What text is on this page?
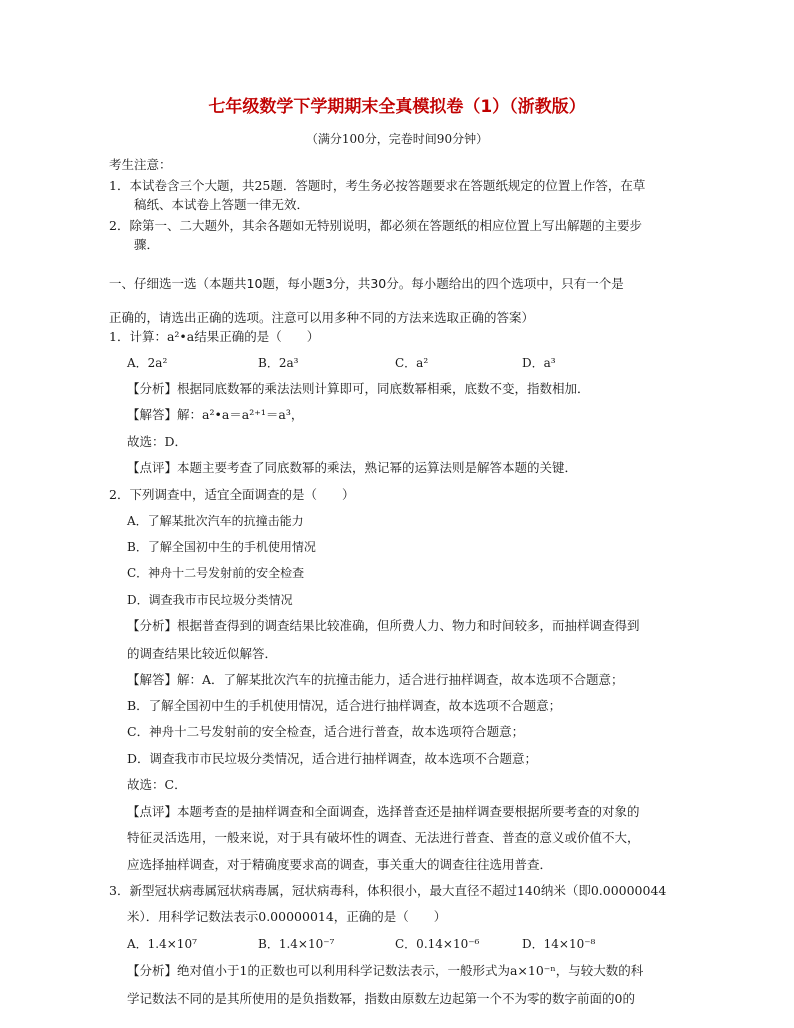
七年级数学下学期期末全真模拟卷（1）（浙教版）
（满分100分，完卷时间90分钟）
考生注意：
1．本试卷含三个大题，共25题．答题时，考生务必按答题要求在答题纸规定的位置上作答，在草
稿纸、本试卷上答题一律无效．
2．除第一、二大题外，其余各题如无特别说明，都必须在答题纸的相应位置上写出解题的主要步
骤．
一、仔细选一选（本题共10题，每小题3分，共30分。每小题给出的四个选项中，只有一个是
正确的，请选出正确的选项。注意可以用多种不同的方法来选取正确的答案）
1．计算：a²•a结果正确的是（　　）
A．2a²	B．2a³	C．a²	D．a³
【分析】根据同底数幂的乘法法则计算即可，同底数幂相乘，底数不变，指数相加．
【解答】解：a²•a＝a²⁺¹＝a³，
故选：D．
【点评】本题主要考查了同底数幂的乘法，熟记幂的运算法则是解答本题的关键．
2．下列调查中，适宜全面调查的是（　　）
A．了解某批次汽车的抗撞击能力
B．了解全国初中生的手机使用情况
C．神舟十二号发射前的安全检查
D．调查我市市民垃圾分类情况
【分析】根据普查得到的调查结果比较准确，但所费人力、物力和时间较多，而抽样调查得到
的调查结果比较近似解答．
【解答】解：A．了解某批次汽车的抗撞击能力，适合进行抽样调查，故本选项不合题意；
B．了解全国初中生的手机使用情况，适合进行抽样调查，故本选项不合题意；
C．神舟十二号发射前的安全检查，适合进行普查，故本选项符合题意；
D．调查我市市民垃圾分类情况，适合进行抽样调查，故本选项不合题意；
故选：C．
【点评】本题考查的是抽样调查和全面调查，选择普查还是抽样调查要根据所要考查的对象的
特征灵活选用，一般来说，对于具有破坏性的调查、无法进行普查、普查的意义或价值不大，
应选择抽样调查，对于精确度要求高的调查，事关重大的调查往往选用普查．
3．新型冠状病毒属冠状病毒属，冠状病毒科，体积很小，最大直径不超过140纳米（即0.00000044
米）．用科学记数法表示0.00000014，正确的是（　　）
A．1.4×10⁷	B．1.4×10⁻⁷	C．0.14×10⁻⁶	D．14×10⁻⁸
【分析】绝对值小于1的正数也可以利用科学记数法表示，一般形式为a×10⁻ⁿ，与较大数的科
学记数法不同的是其所使用的是负指数幂，指数由原数左边起第一个不为零的数字前面的0的
